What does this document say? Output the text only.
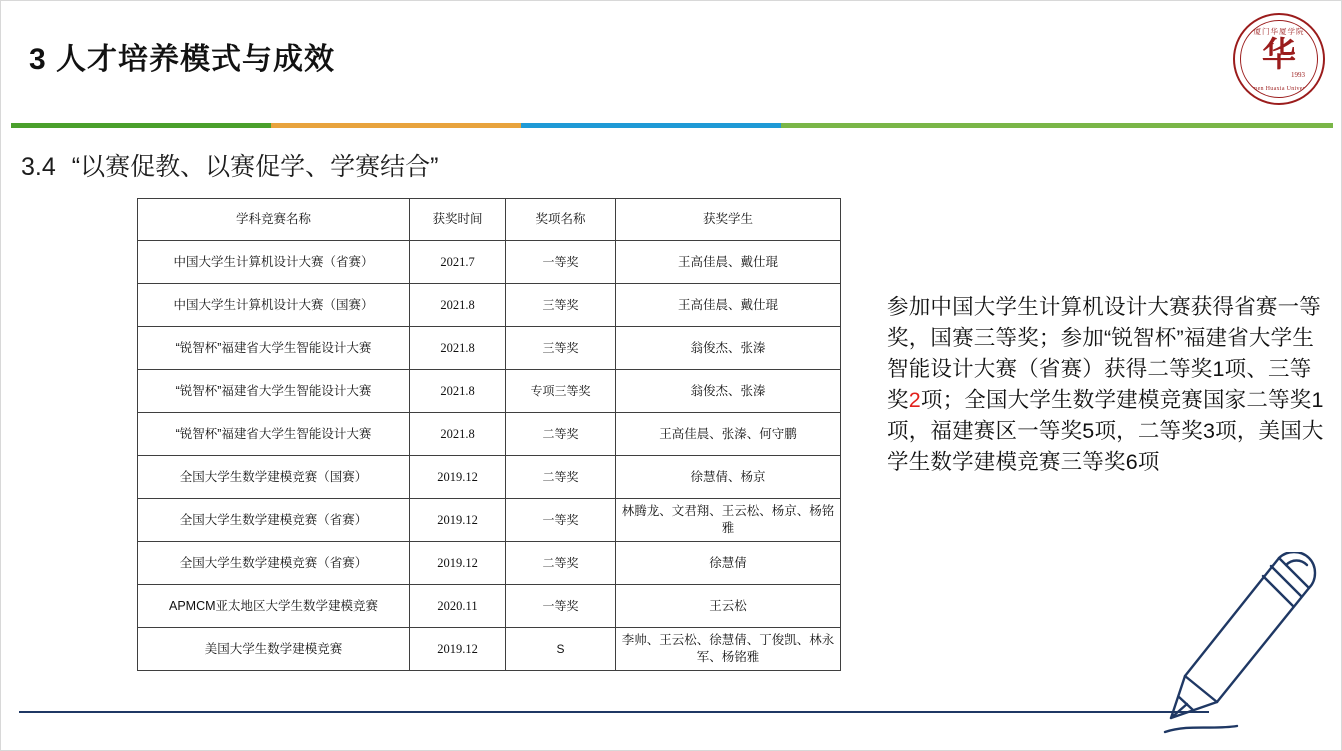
3 人才培养模式与成效
厦门华厦学院
华
1993
Xiamen Huaxia University
3.4 “以赛促教、以赛促学、学赛结合”
学科竞赛名称	获奖时间	奖项名称	获奖学生
中国大学生计算机设计大赛（省赛）	2021.7	一等奖	王高佳晨、戴仕琨
中国大学生计算机设计大赛（国赛）	2021.8	三等奖	王高佳晨、戴仕琨
“锐智杯”福建省大学生智能设计大赛	2021.8	三等奖	翁俊杰、张溱
“锐智杯”福建省大学生智能设计大赛	2021.8	专项三等奖	翁俊杰、张溱
“锐智杯”福建省大学生智能设计大赛	2021.8	二等奖	王高佳晨、张溱、何守鹏
全国大学生数学建模竞赛（国赛）	2019.12	二等奖	徐慧倩、杨京
全国大学生数学建模竞赛（省赛）	2019.12	一等奖	林腾龙、文君翔、王云松、杨京、杨铭雅
全国大学生数学建模竞赛（省赛）	2019.12	二等奖	徐慧倩
APMCM亚太地区大学生数学建模竞赛	2020.11	一等奖	王云松
美国大学生数学建模竞赛	2019.12	S	李帅、王云松、徐慧倩、丁俊凯、林永军、杨铭雅
参加中国大学生计算机设计大赛获得省赛一等奖，国赛三等奖；参加“锐智杯”福建省大学生智能设计大赛（省赛）获得二等奖1项、三等奖2项；全国大学生数学建模竞赛国家二等奖1项，福建赛区一等奖5项，二等奖3项，美国大学生数学建模竞赛三等奖6项
